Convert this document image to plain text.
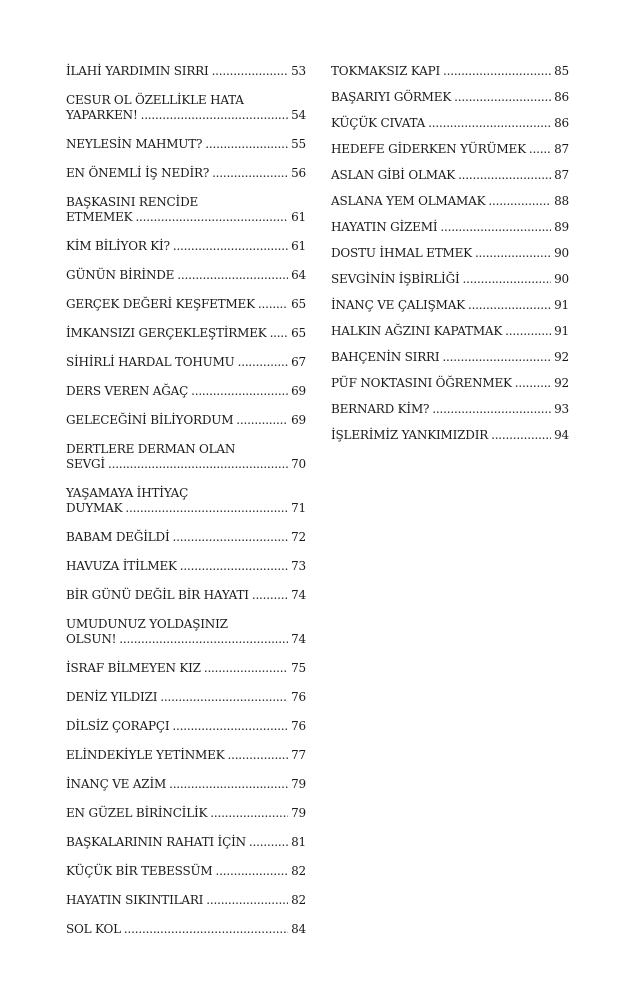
İLAHİ YARDIMIN SIRRI .....	53
CESUR OL ÖZELLİKLE HATA
YAPARKEN! .....	54
NEYLESİN MAHMUT? .....	55
EN ÖNEMLİ İŞ NEDİR? .....	56
BAŞKASINI RENCİDE
ETMEMEK .....	61
KİM BİLİYOR Kİ? .....	61
GÜNÜN BİRİNDE .....	64
GERÇEK DEĞERİ KEŞFETMEK .....	65
İMKANSIZI GERÇEKLEŞTİRMEK ..... 65
SİHİRLİ HARDAL TOHUMU .....	67
DERS VEREN AĞAÇ .....	69
GELECEĞİNİ BİLİYORDUM .....	69
DERTLERE DERMAN OLAN
SEVGİ .....	70
YAŞAMAYA İHTİYAÇ
DUYMAK .....	71
BABAM DEĞİLDİ .....	72
HAVUZA İTİLMEK .....	73
BİR GÜNÜ DEĞİL BİR HAYATI .....	74
UMUDUNUZ YOLDAŞINIZ
OLSUN! .....	74
İSRAF BİLMEYEN KIZ .....	75
DENİZ YILDIZI .....	76
DİLSİZ ÇORAPÇI .....	76
ELİNDEKİYLE YETİNMEK .....	77
İNANÇ VE AZİM .....	79
EN GÜZEL BİRİNCİLİK .....	79
BAŞKALARININ RAHATI İÇİN .....	81
KÜÇÜK BİR TEBESSÜM .....	82
HAYATIN SIKINTILARI .....	82
SOL KOL .....	84
TOKMAKSIZ KAPI .....	85
BAŞARIYI GÖRMEK .....	86
KÜÇÜK CIVATA .....	86
HEDEFE GİDERKEN YÜRÜMEK ..... 87
ASLAN GİBİ OLMAK .....	87
ASLANA YEM OLMAMAK .....	88
HAYATIN GİZEMİ .....	89
DOSTU İHMAL ETMEK .....	90
SEVGİNİN İŞBİRLİĞİ .....	90
İNANÇ VE ÇALIŞMAK .....	91
HALKIN AĞZINI KAPATMAK .....	91
BAHÇENİN SIRRI .....	92
PÜF NOKTASINI ÖĞRENMEK .....	92
BERNARD KİM? .....	93
İŞLERİMİZ YANKIMIZDIR .....	94
